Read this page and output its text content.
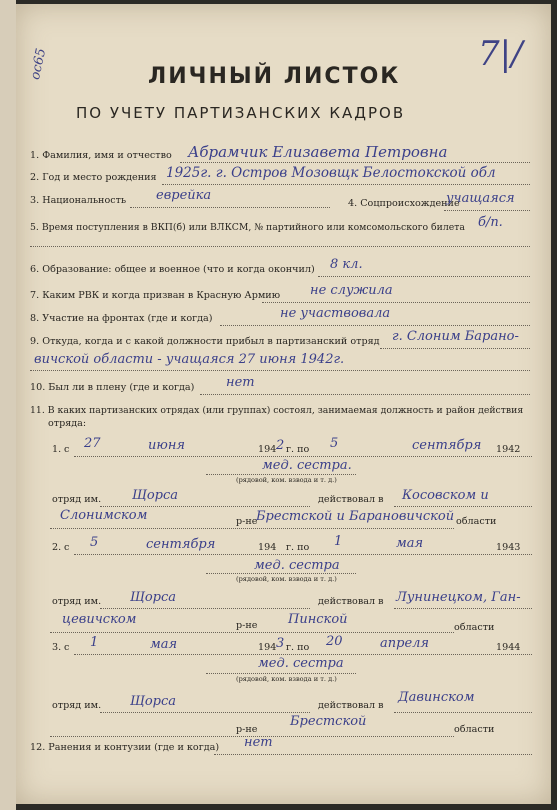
ос65	7|/
ЛИЧНЫЙ ЛИСТОК
ПО УЧЕТУ ПАРТИЗАНСКИХ КАДРОВ
1. Фамилия, имя и отчество Абрамчик Елизавета Петровна
2. Год и место рождения 1925г. г. Остров Мозовщк Белостокской обл
3. Национальность еврейка
4. Соцпроисхождение
учащаяся
5. Время поступления в ВКП(б) или ВЛКСМ, № партийного или комсомольского билета б/п.
6. Образование: общее и военное (что и когда окончил) 8 кл.
7. Каким РВК и когда призван в Красную Армию не служила
8. Участие на фронтах (где и когда)	не участвовала
9. Откуда, когда и с какой должности прибыл в партизанский отряд г. Слоним Барано-
вичской области - учащаяся 27 июня 1942г.
10. Был ли в плену (где и когда) нет
11. В каких партизанских отрядах (или группах) состоял, занимаемая должность и район действия
отряда:
1. с 27	июня	194 2 г. по 5	сентября 1942
мед. сестра.
(рядовой, ком. взвода и т. д.)
отряд им. Щорса	действовал в Косовском и
Слонимском	р-не
Брестской и Барановичской области
2. с 5	сентября	194 г. по 1	мая	1943
мед. сестра
(рядовой, ком. взвода и т. д.)
отряд им. Щорса	действовал в Лунинецком, Ган-
цевичском	р-не Пинской
области
3. с 1	мая	194 3 г. по 20	апреля	1944
мед. сестра
(рядовой, ком. взвода и т. д.)
отряд им. Щорса	действовал в
Давинском
р-не
Брестской
области
12. Ранения и контузии (где и когда) нет
